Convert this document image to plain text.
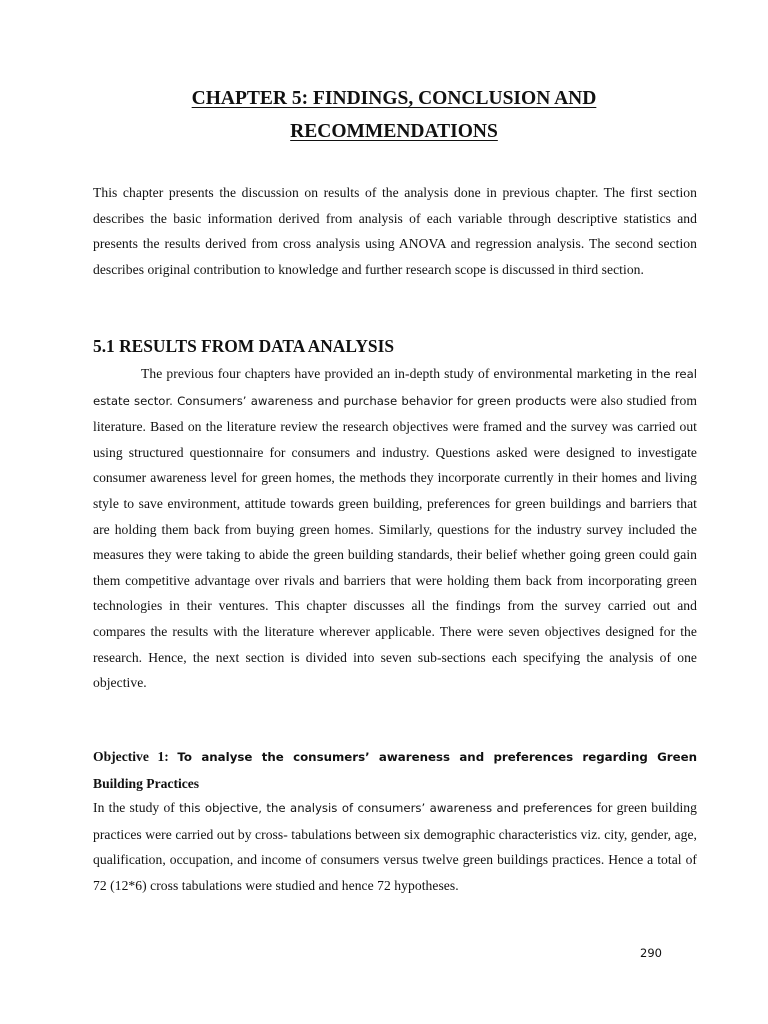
CHAPTER 5: FINDINGS, CONCLUSION AND
RECOMMENDATIONS

This chapter presents the discussion on results of the analysis done in previous chapter. The first section describes the basic information derived from analysis of each variable through descriptive statistics and presents the results derived from cross analysis using ANOVA and regression analysis. The second section describes original contribution to knowledge and further research scope is discussed in third section.

5.1 RESULTS FROM DATA ANALYSIS

The previous four chapters have provided an in-depth study of environmental marketing in the real estate sector. Consumers’ awareness and purchase behavior for green products were also studied from literature. Based on the literature review the research objectives were framed and the survey was carried out using structured questionnaire for consumers and industry. Questions asked were designed to investigate consumer awareness level for green homes, the methods they incorporate currently in their homes and living style to save environment, attitude towards green building, preferences for green buildings and barriers that are holding them back from buying green homes. Similarly, questions for the industry survey included the measures they were taking to abide the green building standards, their belief whether going green could gain them competitive advantage over rivals and barriers that were holding them back from incorporating green technologies in their ventures. This chapter discusses all the findings from the survey carried out and compares the results with the literature wherever applicable. There were seven objectives designed for the research. Hence, the next section is divided into seven sub-sections each specifying the analysis of one objective.

Objective 1: To analyse the consumers’ awareness and preferences regarding Green Building Practices

In the study of this objective, the analysis of consumers’ awareness and preferences for green building practices were carried out by cross- tabulations between six demographic characteristics viz. city, gender, age, qualification, occupation, and income of consumers versus twelve green buildings practices. Hence a total of 72 (12*6) cross tabulations were studied and hence 72 hypotheses.

290
